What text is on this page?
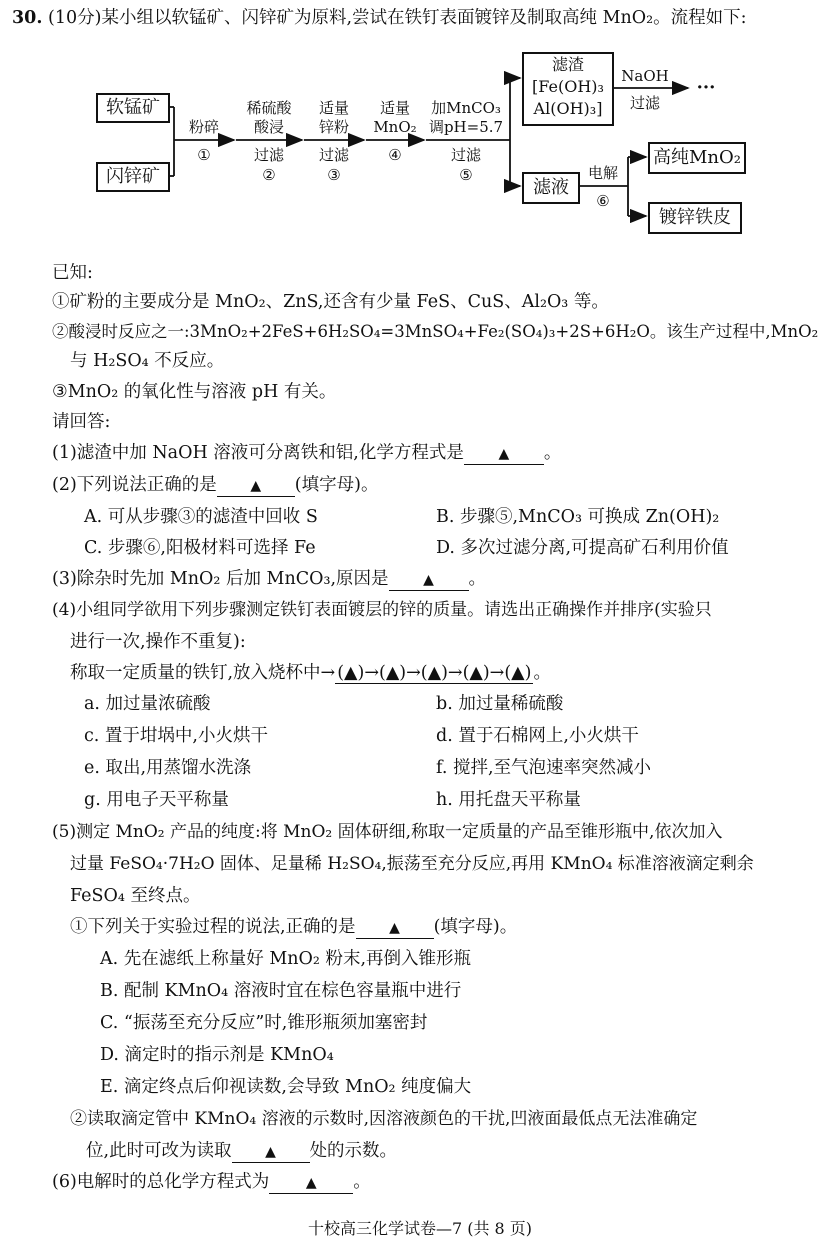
30. (10分)某小组以软锰矿、闪锌矿为原料,尝试在铁钉表面镀锌及制取高纯 MnO₂。流程如下:
软锰矿
闪锌矿
粉碎
①
稀硫酸
酸浸
过滤
②
适量
锌粉
过滤
③
适量
MnO₂
④
加MnCO₃
调pH=5.7
过滤
⑤
滤渣
[Fe(OH)₃
Al(OH)₃]
NaOH
过滤
···
滤液
电解
⑥
高纯MnO₂
镀锌铁皮
已知:
①矿粉的主要成分是 MnO₂、ZnS,还含有少量 FeS、CuS、Al₂O₃ 等。
②酸浸时反应之一:3MnO₂+2FeS+6H₂SO₄=3MnSO₄+Fe₂(SO₄)₃+2S+6H₂O。该生产过程中,MnO₂
与 H₂SO₄ 不反应。
③MnO₂ 的氧化性与溶液 pH 有关。
请回答:
(1)滤渣中加 NaOH 溶液可分离铁和铝,化学方程式是 ▲ 。
(2)下列说法正确的是 ▲ (填字母)。
A. 可从步骤③的滤渣中回收 S	B. 步骤⑤,MnCO₃ 可换成 Zn(OH)₂
C. 步骤⑥,阳极材料可选择 Fe	D. 多次过滤分离,可提高矿石利用价值
(3)除杂时先加 MnO₂ 后加 MnCO₃,原因是 ▲ 。
(4)小组同学欲用下列步骤测定铁钉表面镀层的锌的质量。请选出正确操作并排序(实验只
进行一次,操作不重复):
称取一定质量的铁钉,放入烧杯中→ (▲)→(▲)→(▲)→(▲)→(▲) 。
a. 加过量浓硫酸	b. 加过量稀硫酸
c. 置于坩埚中,小火烘干	d. 置于石棉网上,小火烘干
e. 取出,用蒸馏水洗涤	f. 搅拌,至气泡速率突然减小
g. 用电子天平称量	h. 用托盘天平称量
(5)测定 MnO₂ 产品的纯度:将 MnO₂ 固体研细,称取一定质量的产品至锥形瓶中,依次加入
过量 FeSO₄·7H₂O 固体、足量稀 H₂SO₄,振荡至充分反应,再用 KMnO₄ 标准溶液滴定剩余
FeSO₄ 至终点。
①下列关于实验过程的说法,正确的是 ▲ (填字母)。
A. 先在滤纸上称量好 MnO₂ 粉末,再倒入锥形瓶
B. 配制 KMnO₄ 溶液时宜在棕色容量瓶中进行
C. “振荡至充分反应”时,锥形瓶须加塞密封
D. 滴定时的指示剂是 KMnO₄
E. 滴定终点后仰视读数,会导致 MnO₂ 纯度偏大
②读取滴定管中 KMnO₄ 溶液的示数时,因溶液颜色的干扰,凹液面最低点无法准确定
位,此时可改为读取 ▲ 处的示数。
(6)电解时的总化学方程式为	▲ 。
十校高三化学试卷—7 (共 8 页)
